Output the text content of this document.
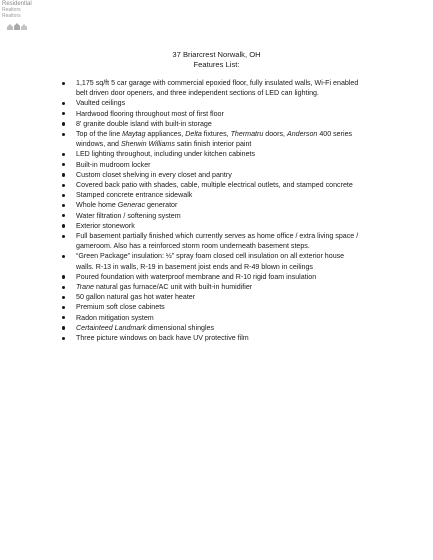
Residential
Realtors
Realtors
37 Briarcrest Norwalk, OH
Features List:
1,175 sq/ft 5 car garage with commercial epoxied floor, fully insulated walls, Wi-Fi enabled belt driven door openers, and three independent sections of LED can lighting.
Vaulted ceilings
Hardwood flooring throughout most of first floor
8' granite double island with built-in storage
Top of the line Maytag appliances, Delta fixtures, Thermatru doors, Anderson 400 series windows, and Sherwin Williams satin finish interior paint
LED lighting throughout, including under kitchen cabinets
Built-in mudroom locker
Custom closet shelving in every closet and pantry
Covered back patio with shades, cable, multiple electrical outlets, and stamped concrete
Stamped concrete entrance sidewalk
Whole home Generac generator
Water filtration / softening system
Exterior stonework
Full basement partially finished which currently serves as home office / extra living space / gameroom. Also has a reinforced storm room underneath basement steps.
“Green Package” insulation: ½” spray foam closed cell insulation on all exterior house walls. R-13 in walls, R-19 in basement joist ends and R-49 blown in ceilings
Poured foundation with waterproof membrane and R-10 rigid foam insulation
Trane natural gas furnace/AC unit with built-in humidifier
50 gallon natural gas hot water heater
Premium soft close cabinets
Radon mitigation system
Certainteed Landmark dimensional shingles
Three picture windows on back have UV protective film
